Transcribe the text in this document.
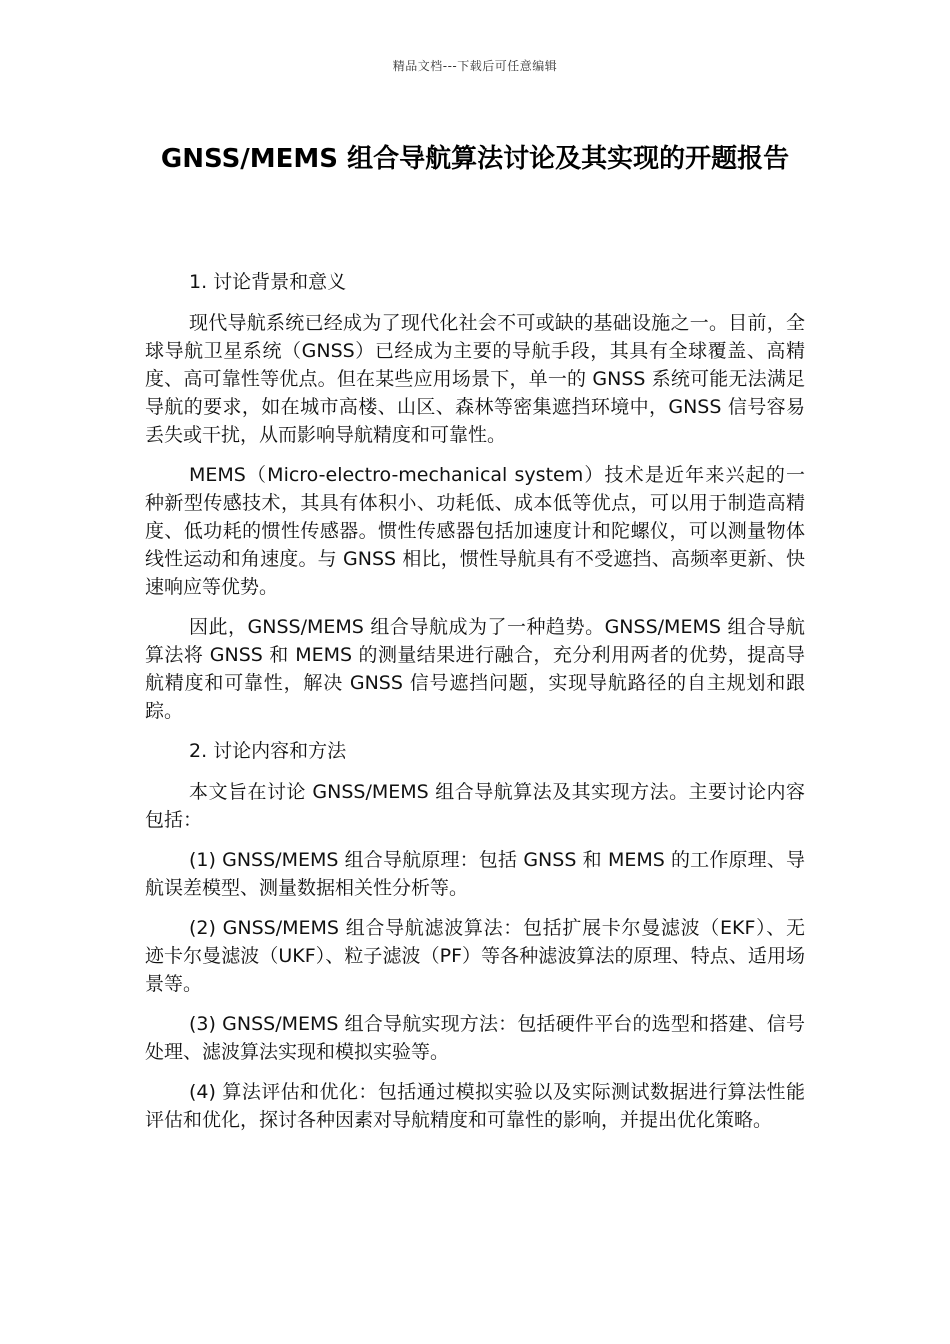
精品文档---下载后可任意编辑
GNSS/MEMS 组合导航算法讨论及其实现的开题报告

1. 讨论背景和意义

现代导航系统已经成为了现代化社会不可或缺的基础设施之一。目前，全球导航卫星系统（GNSS）已经成为主要的导航手段，其具有全球覆盖、高精度、高可靠性等优点。但在某些应用场景下，单一的 GNSS 系统可能无法满足导航的要求，如在城市高楼、山区、森林等密集遮挡环境中，GNSS 信号容易丢失或干扰，从而影响导航精度和可靠性。

MEMS（Micro-electro-mechanical system）技术是近年来兴起的一种新型传感技术，其具有体积小、功耗低、成本低等优点，可以用于制造高精度、低功耗的惯性传感器。惯性传感器包括加速度计和陀螺仪，可以测量物体线性运动和角速度。与 GNSS 相比，惯性导航具有不受遮挡、高频率更新、快速响应等优势。

因此，GNSS/MEMS 组合导航成为了一种趋势。GNSS/MEMS 组合导航算法将 GNSS 和 MEMS 的测量结果进行融合，充分利用两者的优势，提高导航精度和可靠性，解决 GNSS 信号遮挡问题，实现导航路径的自主规划和跟踪。

2. 讨论内容和方法

本文旨在讨论 GNSS/MEMS 组合导航算法及其实现方法。主要讨论内容包括：

(1) GNSS/MEMS 组合导航原理：包括 GNSS 和 MEMS 的工作原理、导航误差模型、测量数据相关性分析等。

(2) GNSS/MEMS 组合导航滤波算法：包括扩展卡尔曼滤波（EKF）、无迹卡尔曼滤波（UKF）、粒子滤波（PF）等各种滤波算法的原理、特点、适用场景等。

(3) GNSS/MEMS 组合导航实现方法：包括硬件平台的选型和搭建、信号处理、滤波算法实现和模拟实验等。

(4) 算法评估和优化：包括通过模拟实验以及实际测试数据进行算法性能评估和优化，探讨各种因素对导航精度和可靠性的影响，并提出优化策略。
